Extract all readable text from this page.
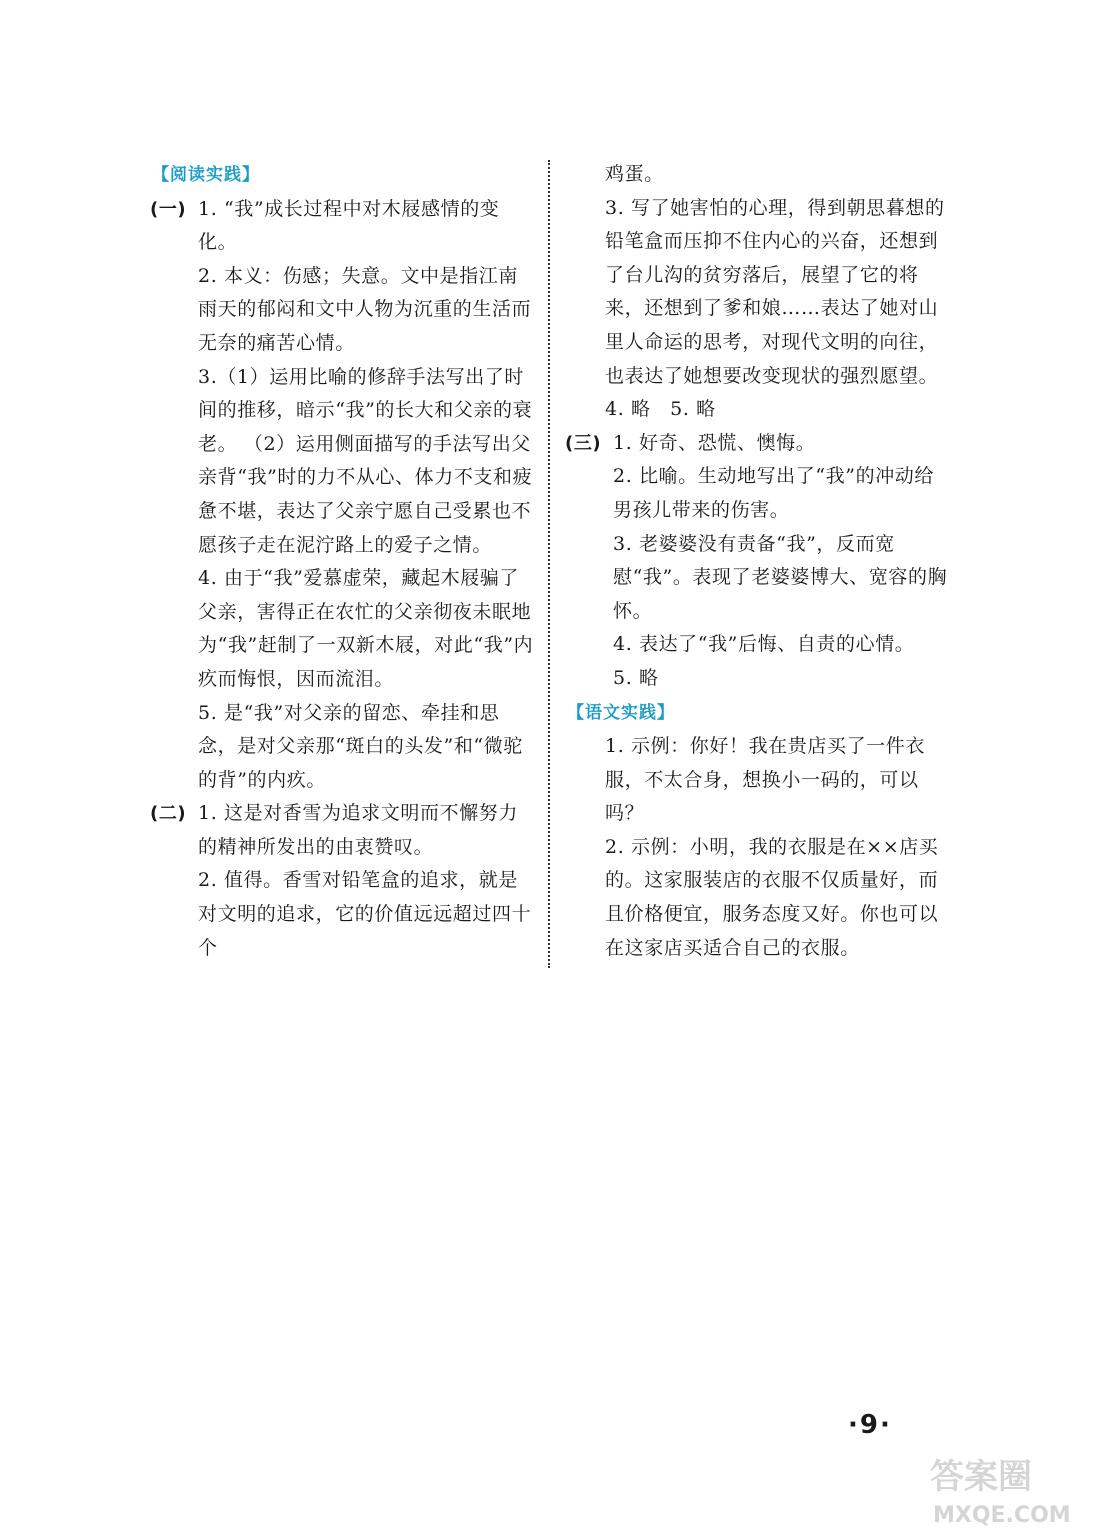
【阅读实践】
(一) 1. “我”成长过程中对木屐感情的变化。

2. 本义：伤感；失意。文中是指江南雨天的郁闷和文中人物为沉重的生活而无奈的痛苦心情。

3.（1）运用比喻的修辞手法写出了时间的推移，暗示“我”的长大和父亲的衰老。 （2）运用侧面描写的手法写出父亲背“我”时的力不从心、体力不支和疲惫不堪，表达了父亲宁愿自己受累也不愿孩子走在泥泞路上的爱子之情。

4. 由于“我”爱慕虚荣，藏起木屐骗了父亲，害得正在农忙的父亲彻夜未眠地为“我”赶制了一双新木屐，对此“我”内疚而悔恨，因而流泪。

5. 是“我”对父亲的留恋、牵挂和思念，是对父亲那“斑白的头发”和“微驼的背”的内疚。

(二) 1. 这是对香雪为追求文明而不懈努力的精神所发出的由衷赞叹。

2. 值得。香雪对铅笔盒的追求，就是对文明的追求，它的价值远远超过四十个

鸡蛋。

3. 写了她害怕的心理，得到朝思暮想的铅笔盒而压抑不住内心的兴奋，还想到了台儿沟的贫穷落后，展望了它的将来，还想到了爹和娘……表达了她对山里人命运的思考，对现代文明的向往，也表达了她想要改变现状的强烈愿望。

4. 略　5. 略

(三) 1. 好奇、恐慌、懊悔。

2. 比喻。生动地写出了“我”的冲动给男孩儿带来的伤害。

3. 老婆婆没有责备“我”，反而宽慰“我”。表现了老婆婆博大、宽容的胸怀。

4. 表达了“我”后悔、自责的心情。

5. 略

【语文实践】

1. 示例：你好！我在贵店买了一件衣服，不太合身，想换小一码的，可以吗？

2. 示例：小明，我的衣服是在××店买的。这家服装店的衣服不仅质量好，而且价格便宜，服务态度又好。你也可以在这家店买适合自己的衣服。

·9·
答案圈
MXQE.COM
